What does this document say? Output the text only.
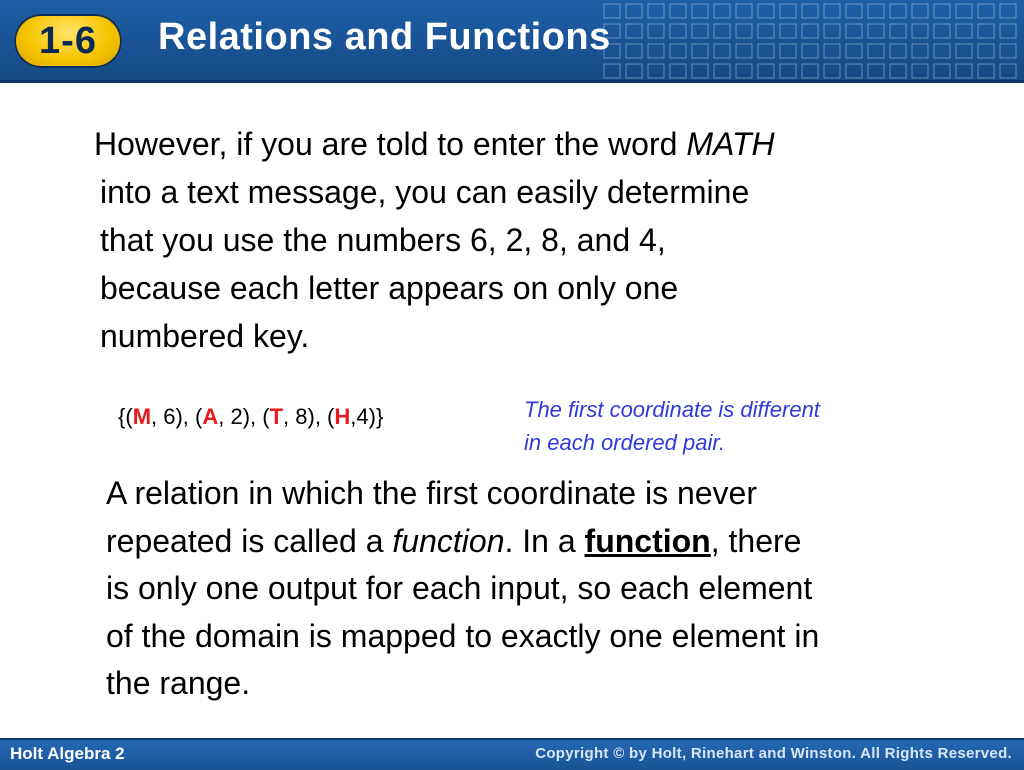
1-6 Relations and Functions
However, if you are told to enter the word MATH
into a text message, you can easily determine
that you use the numbers 6, 2, 8, and 4,
because each letter appears on only one
numbered key.
{(M, 6), (A, 2), (T, 8), (H,4)}	The first coordinate is different
in each ordered pair.
A relation in which the first coordinate is never
repeated is called a function. In a function, there
is only one output for each input, so each element
of the domain is mapped to exactly one element in
the range.
Holt Algebra 2	Copyright © by Holt, Rinehart and Winston. All Rights Reserved.
